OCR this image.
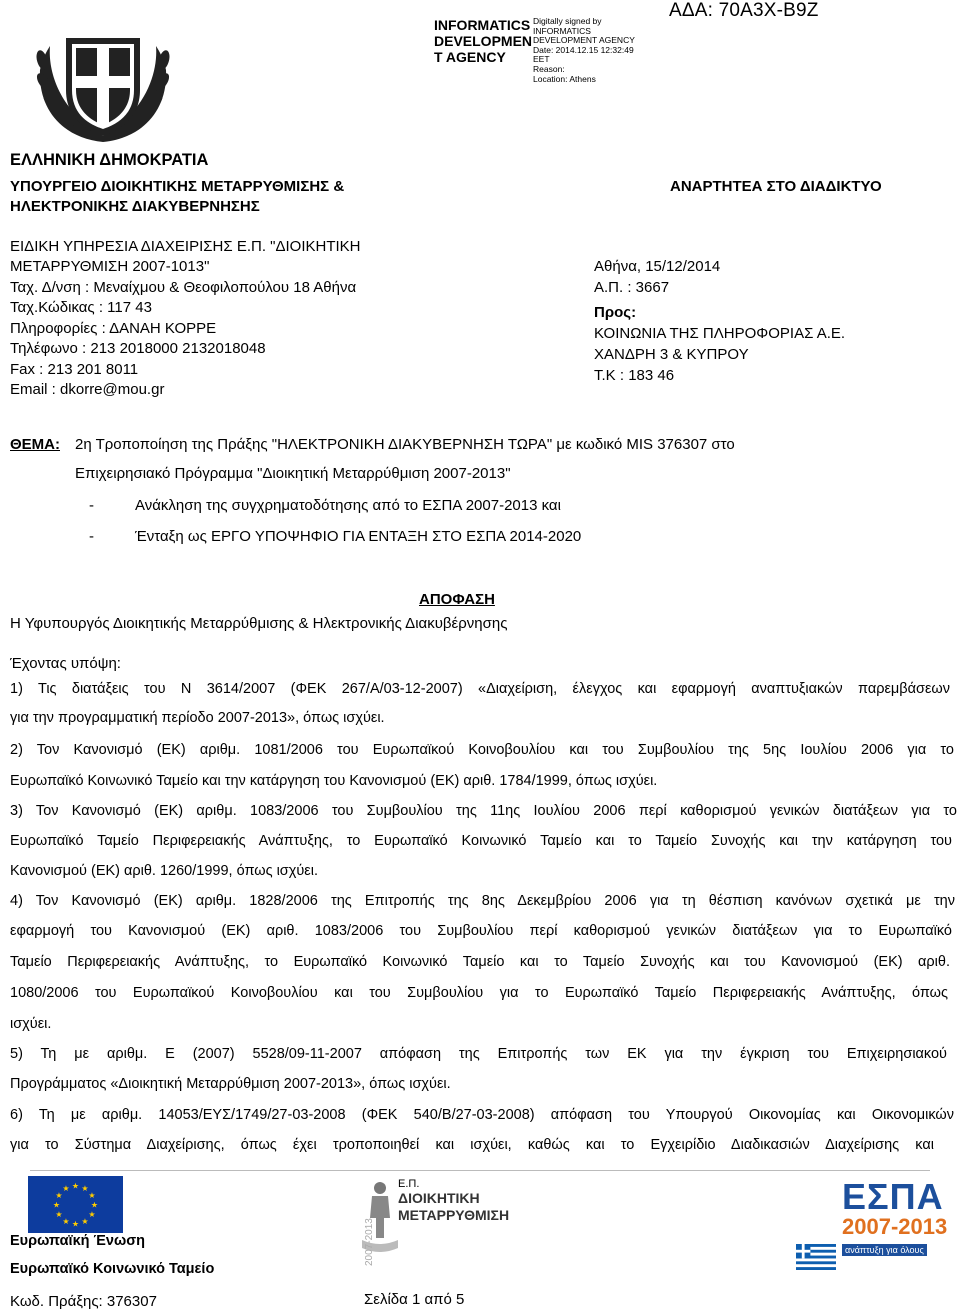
ΑΔΑ: 70Α3Χ-Β9Ζ
INFORMATICS
DEVELOPMEN
T AGENCY
Digitally signed by
INFORMATICS
DEVELOPMENT AGENCY
Date: 2014.12.15 12:32:49
EET
Reason:
Location: Athens
ΕΛΛΗΝΙΚΗ ΔΗΜΟΚΡΑΤΙΑ
ΥΠΟΥΡΓΕΙΟ ΔΙΟΙΚΗΤΙΚΗΣ ΜΕΤΑΡΡΥΘΜΙΣΗΣ &
ΗΛΕΚΤΡΟΝΙΚΗΣ ΔΙΑΚΥΒΕΡΝΗΣΗΣ
ΑΝΑΡΤΗΤΕΑ ΣΤΟ ΔΙΑΔΙΚΤΥΟ
ΕΙΔΙΚΗ ΥΠΗΡΕΣΙΑ ΔΙΑΧΕΙΡΙΣΗΣ Ε.Π. "ΔΙΟΙΚΗΤΙΚΗ
ΜΕΤΑΡΡΥΘΜΙΣΗ 2007-1013"
Ταχ. Δ/νση : Μεναίχμου & Θεοφιλοπούλου 18 Αθήνα
Ταχ.Κώδικας : 117 43
Πληροφορίες : ΔΑΝΑΗ ΚΟΡΡΕ
Τηλέφωνο : 213 2018000 2132018048
Fax : 213 201 8011
Email : dkorre@mou.gr
Αθήνα, 15/12/2014
Α.Π. : 3667
Προς:
ΚΟΙΝΩΝΙΑ ΤΗΣ ΠΛΗΡΟΦΟΡΙΑΣ Α.Ε.
ΧΑΝΔΡΗ 3 & ΚΥΠΡΟΥ
Τ.Κ : 183 46
ΘΕΜΑ: 2η Τροποποίηση της Πράξης "ΗΛΕΚΤΡΟΝΙΚΗ ΔΙΑΚΥΒΕΡΝΗΣΗ ΤΩΡΑ" με κωδικό MIS 376307 στο
Επιχειρησιακό Πρόγραμμα "Διοικητική Μεταρρύθμιση 2007-2013"
-	Ανάκληση της συγχρηματοδότησης από το ΕΣΠΑ 2007-2013 και
-	Ένταξη ως ΕΡΓΟ ΥΠΟΨΗΦΙΟ ΓΙΑ ΕΝΤΑΞΗ ΣΤΟ ΕΣΠΑ 2014-2020
ΑΠΟΦΑΣΗ
Η Υφυπουργός Διοικητικής Μεταρρύθμισης & Ηλεκτρονικής Διακυβέρνησης
Έχοντας υπόψη:
1) Τις διατάξεις του Ν 3614/2007 (ΦΕΚ 267/Α/03-12-2007) «Διαχείριση, έλεγχος και εφαρμογή αναπτυξιακών παρεμβάσεων
για την προγραμματική περίοδο 2007-2013», όπως ισχύει.
2) Τον Κανονισμό (ΕΚ) αριθμ. 1081/2006 του Ευρωπαϊκού Κοινοβουλίου και του Συμβουλίου της 5ης Ιουλίου 2006 για το
Ευρωπαϊκό Κοινωνικό Ταμείο και την κατάργηση του Κανονισμού (ΕΚ) αριθ. 1784/1999, όπως ισχύει.
3) Τον Κανονισμό (ΕΚ) αριθμ. 1083/2006 του Συμβουλίου της 11ης Ιουλίου 2006 περί καθορισμού γενικών διατάξεων για το
Ευρωπαϊκό Ταμείο Περιφερειακής Ανάπτυξης, το Ευρωπαϊκό Κοινωνικό Ταμείο και το Ταμείο Συνοχής και την κατάργηση του
Κανονισμού (ΕΚ) αριθ. 1260/1999, όπως ισχύει.
4) Τον Κανονισμό (ΕΚ) αριθμ. 1828/2006 της Επιτροπής της 8ης Δεκεμβρίου 2006 για τη θέσπιση κανόνων σχετικά με την
εφαρμογή του Κανονισμού (ΕΚ) αριθ. 1083/2006 του Συμβουλίου περί καθορισμού γενικών διατάξεων για το Ευρωπαϊκό
Ταμείο Περιφερειακής Ανάπτυξης, το Ευρωπαϊκό Κοινωνικό Ταμείο και το Ταμείο Συνοχής και του Κανονισμού (ΕΚ) αριθ.
1080/2006 του Ευρωπαϊκού Κοινοβουλίου και του Συμβουλίου για το Ευρωπαϊκό Ταμείο Περιφερειακής Ανάπτυξης, όπως
ισχύει.
5) Τη με αριθμ. Ε (2007) 5528/09-11-2007 απόφαση της Επιτροπής των ΕΚ για την έγκριση του Επιχειρησιακού
Προγράμματος «Διοικητική Μεταρρύθμιση 2007-2013», όπως ισχύει.
6) Τη με αριθμ. 14053/ΕΥΣ/1749/27-03-2008 (ΦΕΚ 540/Β/27-03-2008) απόφαση του Υπουργού Οικονομίας και Οικονομικών
για το Σύστημα Διαχείρισης, όπως έχει τροποποιηθεί και ισχύει, καθώς και το Εγχειρίδιο Διαδικασιών Διαχείρισης και
★
★
★
★
★
★
★
★
★ ★ ★
★
Ευρωπαϊκή Ένωση
Ευρωπαϊκό Κοινωνικό Ταμείο
2007-2013
Ε.Π.
ΔΙΟΙΚΗΤΙΚΗ
ΜΕΤΑΡΡΥΘΜΙΣΗ	ΕΣΠΑ
2007-2013
ανάπτυξη για όλους
Κωδ. Πράξης: 376307	Σελίδα 1 από 5
